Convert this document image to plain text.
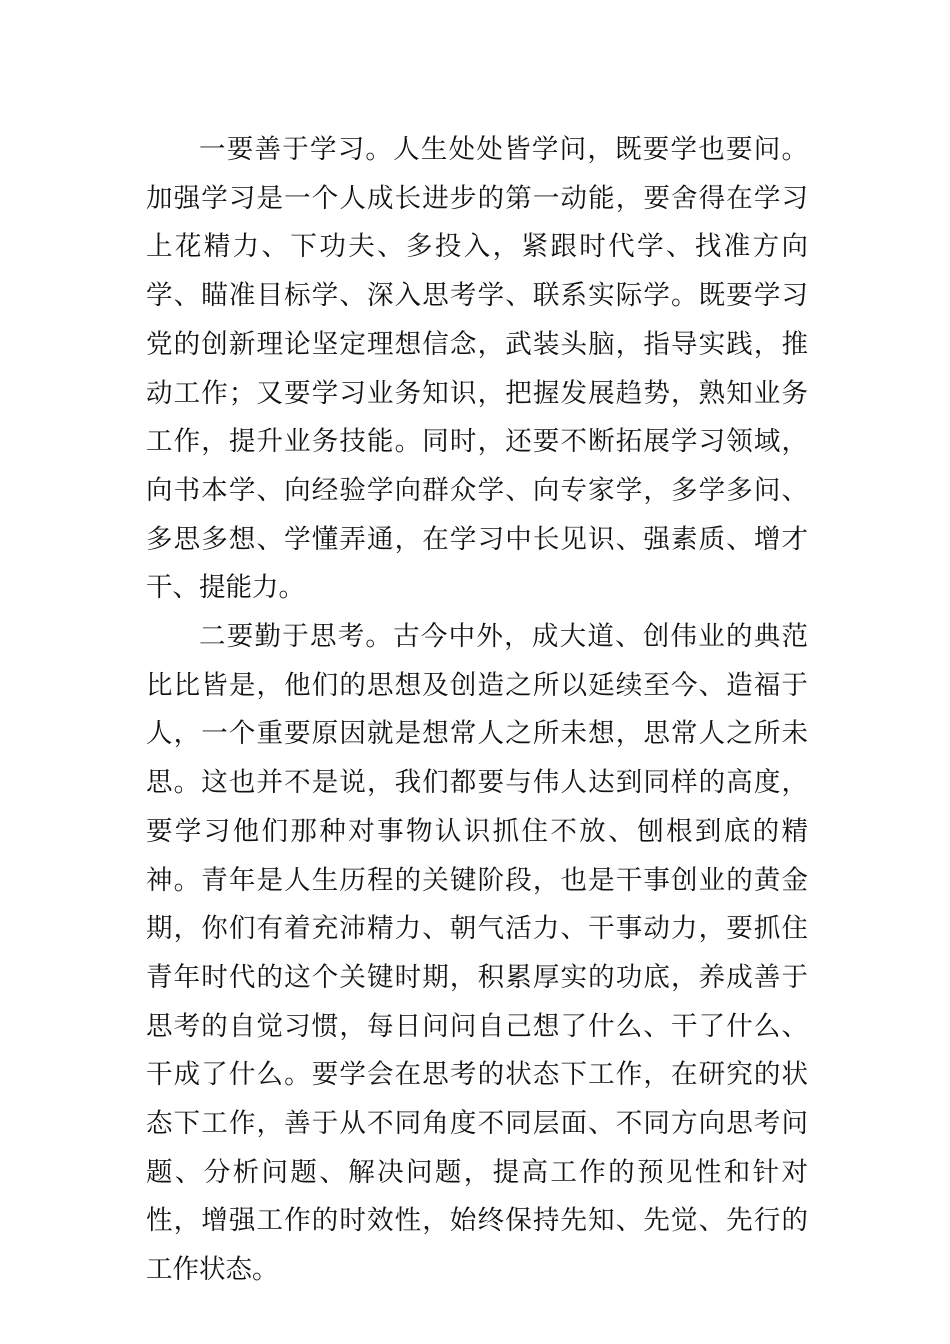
一要善于学习。人生处处皆学问，既要学也要问。加强学习是一个人成长进步的第一动能，要舍得在学习上花精力、下功夫、多投入，紧跟时代学、找准方向学、瞄准目标学、深入思考学、联系实际学。既要学习党的创新理论坚定理想信念，武装头脑，指导实践，推动工作；又要学习业务知识，把握发展趋势，熟知业务工作，提升业务技能。同时，还要不断拓展学习领域，向书本学、向经验学向群众学、向专家学，多学多问、多思多想、学懂弄通，在学习中长见识、强素质、增才干、提能力。

二要勤于思考。古今中外，成大道、创伟业的典范比比皆是，他们的思想及创造之所以延续至今、造福于人，一个重要原因就是想常人之所未想，思常人之所未思。这也并不是说，我们都要与伟人达到同样的高度，要学习他们那种对事物认识抓住不放、刨根到底的精神。青年是人生历程的关键阶段，也是干事创业的黄金期，你们有着充沛精力、朝气活力、干事动力，要抓住青年时代的这个关键时期，积累厚实的功底，养成善于思考的自觉习惯，每日问问自己想了什么、干了什么、干成了什么。要学会在思考的状态下工作，在研究的状态下工作，善于从不同角度不同层面、不同方向思考问题、分析问题、解决问题，提高工作的预见性和针对性，增强工作的时效性，始终保持先知、先觉、先行的工作状态。
